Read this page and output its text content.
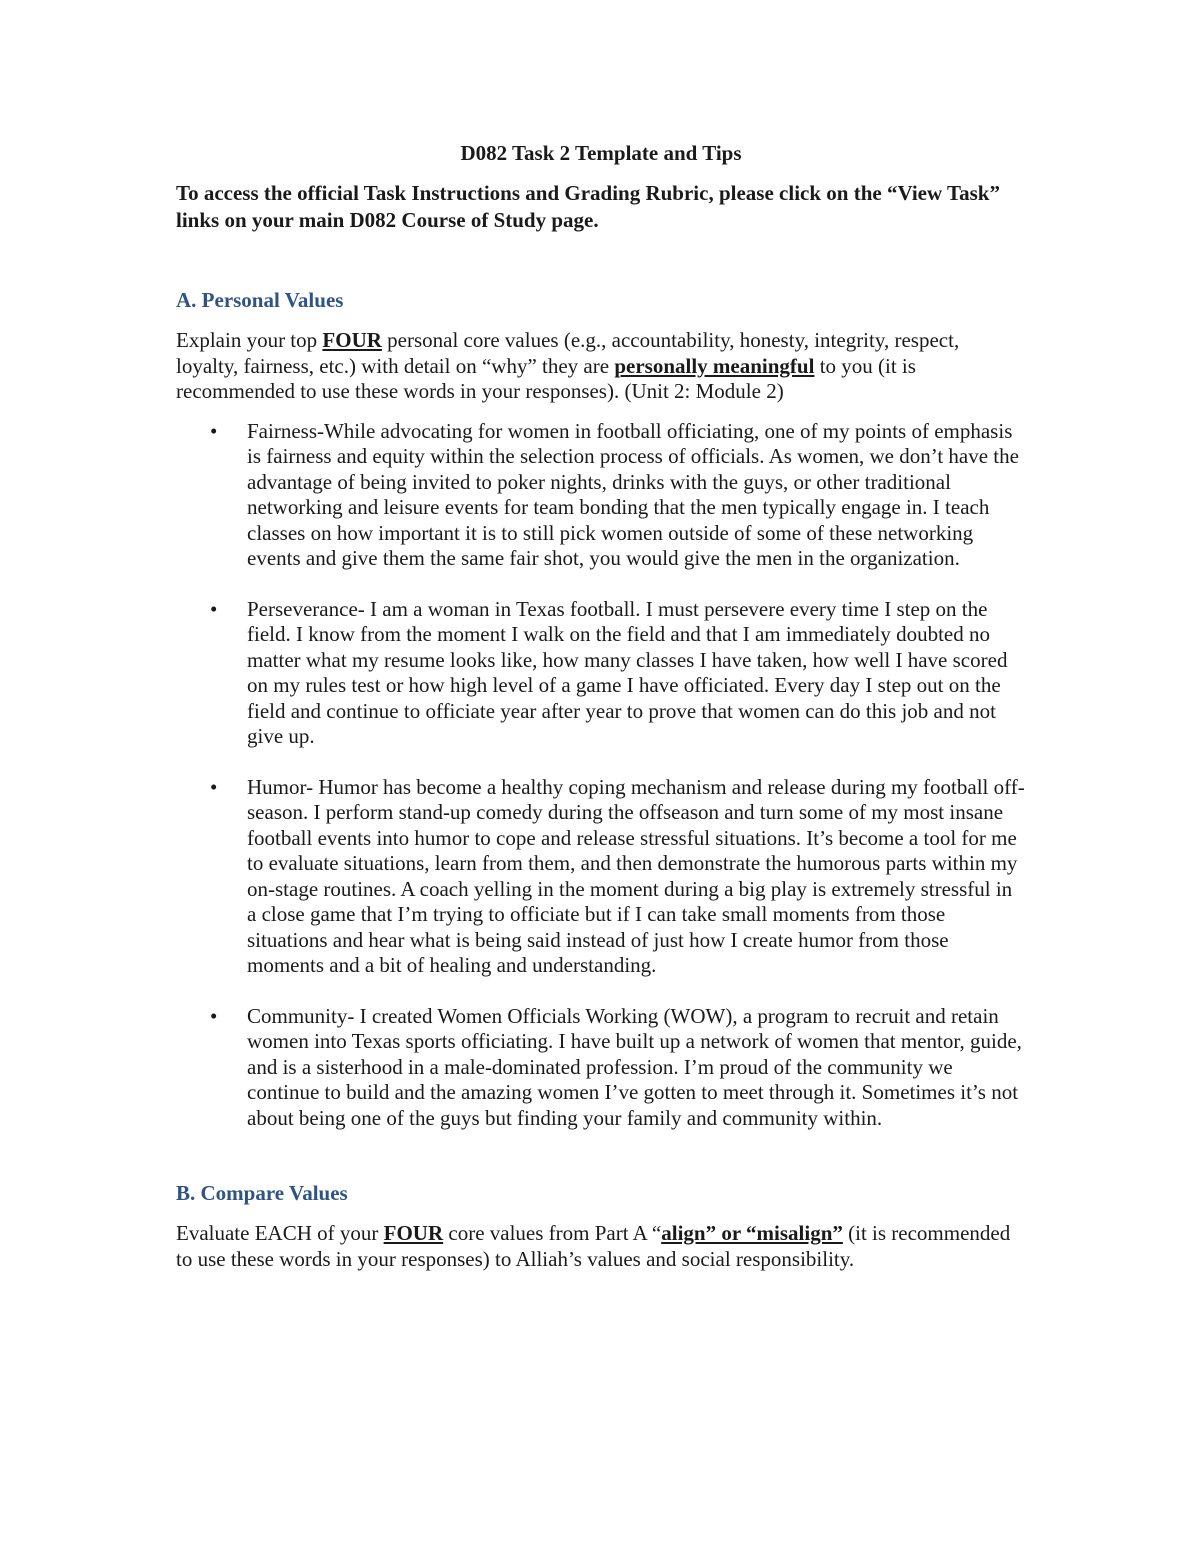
D082 Task 2 Template and Tips

To access the official Task Instructions and Grading Rubric, please click on the “View Task” links on your main D082 Course of Study page.

A. Personal Values

Explain your top FOUR personal core values (e.g., accountability, honesty, integrity, respect, loyalty, fairness, etc.) with detail on “why” they are personally meaningful to you (it is recommended to use these words in your responses). (Unit 2: Module 2)

• Fairness-While advocating for women in football officiating, one of my points of emphasis is fairness and equity within the selection process of officials. As women, we don’t have the advantage of being invited to poker nights, drinks with the guys, or other traditional networking and leisure events for team bonding that the men typically engage in. I teach classes on how important it is to still pick women outside of some of these networking events and give them the same fair shot, you would give the men in the organization.
• Perseverance- I am a woman in Texas football. I must persevere every time I step on the field. I know from the moment I walk on the field and that I am immediately doubted no matter what my resume looks like, how many classes I have taken, how well I have scored on my rules test or how high level of a game I have officiated. Every day I step out on the field and continue to officiate year after year to prove that women can do this job and not give up.
• Humor- Humor has become a healthy coping mechanism and release during my football off-season. I perform stand-up comedy during the offseason and turn some of my most insane football events into humor to cope and release stressful situations. It’s become a tool for me to evaluate situations, learn from them, and then demonstrate the humorous parts within my on-stage routines. A coach yelling in the moment during a big play is extremely stressful in a close game that I’m trying to officiate but if I can take small moments from those situations and hear what is being said instead of just how I create humor from those moments and a bit of healing and understanding.
• Community- I created Women Officials Working (WOW), a program to recruit and retain women into Texas sports officiating. I have built up a network of women that mentor, guide, and is a sisterhood in a male-dominated profession. I’m proud of the community we continue to build and the amazing women I’ve gotten to meet through it. Sometimes it’s not about being one of the guys but finding your family and community within.
B. Compare Values

Evaluate EACH of your FOUR core values from Part A “align” or “misalign” (it is recommended to use these words in your responses) to Alliah’s values and social responsibility.
